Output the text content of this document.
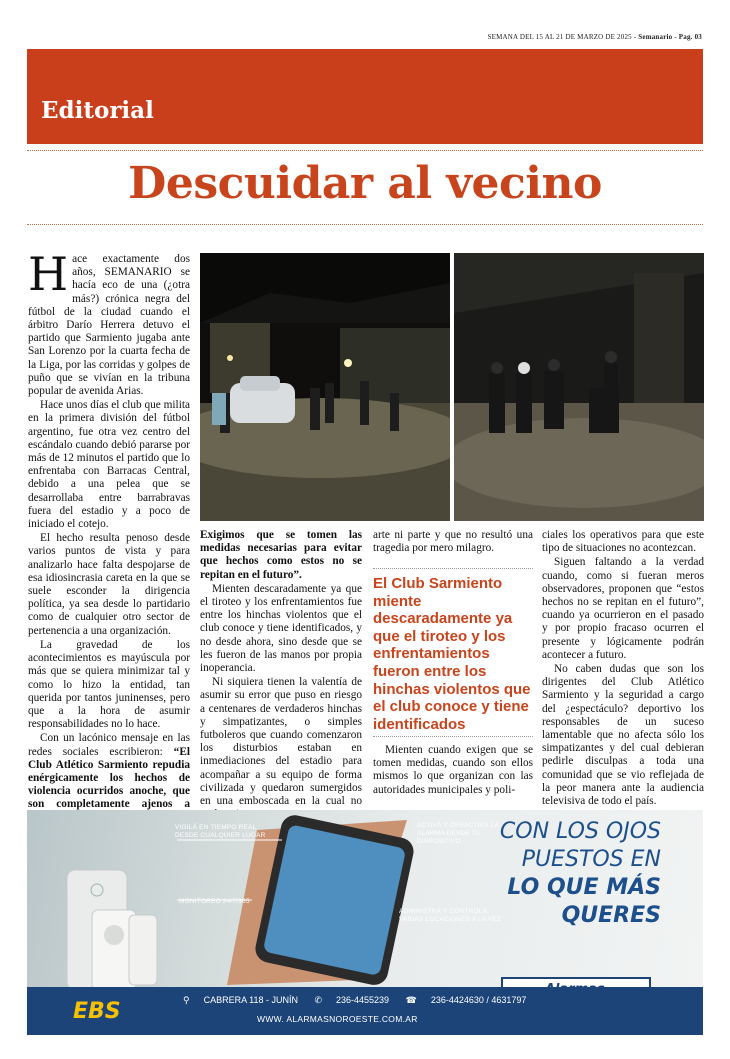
SEMANA DEL 15 AL 21 DE MARZO DE 2025 - Semanario - Pag. 03
Editorial
Descuidar al vecino

Hace exactamente dos años, SEMANARIO se hacía eco de una (¿otra más?) crónica negra del fútbol de la ciudad cuando el árbitro Darío Herrera detuvo el partido que Sarmiento jugaba ante San Lorenzo por la cuarta fecha de la Liga, por las corridas y golpes de puño que se vivían en la tribuna popular de avenida Arias.

Hace unos días el club que milita en la primera división del fútbol argentino, fue otra vez centro del escándalo cuando debió pararse por más de 12 minutos el partido que lo enfrentaba con Barracas Central, debido a una pelea que se desarrollaba entre barrabravas fuera del estadio y a poco de iniciado el cotejo.

El hecho resulta penoso desde varios puntos de vista y para analizarlo hace falta despojarse de esa idiosincrasia careta en la que se suele esconder la dirigencia política, ya sea desde lo partidario como de cualquier otro sector de pertenencia a una organización.

La gravedad de los acontecimientos es mayúscula por más que se quiera minimizar tal y como lo hizo la entidad, tan querida por tantos juninenses, pero que a la hora de asumir responsabilidades no lo hace.

Con un lacónico mensaje en las redes sociales escribieron: “El Club Atlético Sarmiento repudia enérgicamente los hechos de violencia ocurridos anoche, que son completamente ajenos a

Exigimos que se tomen las medidas necesarias para evitar que hechos como estos no se repitan en el futuro”.

Mienten descaradamente ya que el tiroteo y los enfrentamientos fue entre los hinchas violentos que el club conoce y tiene identificados, y no desde ahora, sino desde que se les fueron de las manos por propia inoperancia.

Ni siquiera tienen la valentía de asumir su error que puso en riesgo a centenares de verdaderos hinchas y simpatizantes, o simples futboleros que cuando comenzaron los disturbios estaban en inmediaciones del estadio para acompañar a su equipo de forma civilizada y quedaron sumergidos en una emboscada en la cual no

arte ni parte y que no resultó una tragedia por mero milagro.

El Club Sarmiento miente descaradamente ya que el tiroteo y los enfrentamientos fueron entre los hinchas violentos que el club conoce y tiene identificados

Mienten cuando exigen que se tomen medidas, cuando son ellos mismos lo que organizan con las autoridades municipales y poli-

ciales los operativos para que este tipo de situaciones no acontezcan.

Siguen faltando a la verdad cuando, como si fueran meros observadores, proponen que “estos hechos no se repitan en el futuro”, cuando ya ocurrieron en el pasado y por propio fracaso ocurren el presente y lógicamente podrán acontecer a futuro.

No caben dudas que son los dirigentes del Club Atlético Sarmiento y la seguridad a cargo del ¿espectáculo? deportivo los responsables de un suceso lamentable que no afecta sólo los simpatizantes y del cual debieran pedirle disculpas a toda una comunidad que se vio reflejada de la peor manera ante la audiencia televisiva de todo el país.

VIGILÁ EN TIEMPO REAL DESDE CUALQUIER LUGAR
ACTIVÁ Y DESACTIVÁ LA ALARMA DESDE TU DISPOSITIVO
MONITOREO 24/7/365
ADMINISTRÁ Y CONTROLÁ VARIAS LOCACIONES A LA VEZ
CON LOS OJOS
PUESTOS EN
LO QUE MÁS
QUERES
EBS	⚲ CABRERA 118 - JUNÍN ✆ 236-4455239 ☎ 236-4424630 / 4631797
WWW. ALARMASNOROESTE.COM.AR
